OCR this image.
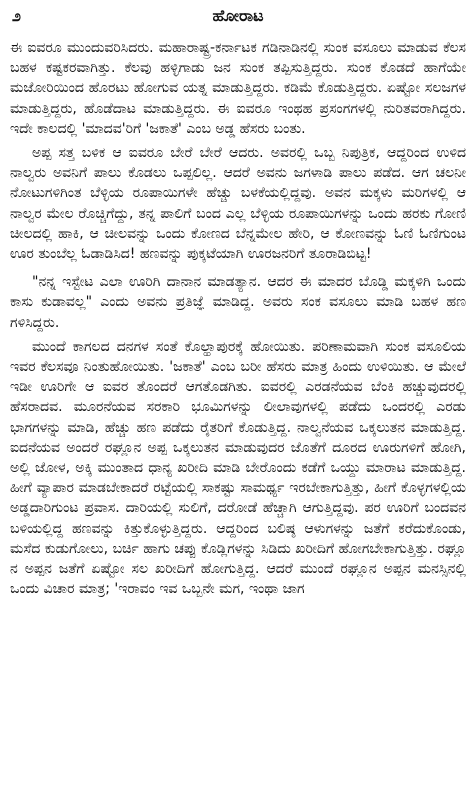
೨	ಹೋರಾಟ

ಈ ಐವರೂ ಮುಂದುವರಿಸಿದರು. ಮಹಾರಾಷ್ಟ್ರ-ಕರ್ನಾಟಕ ಗಡಿನಾಡಿನಲ್ಲಿ ಸುಂಕ ವಸೂಲು ಮಾಡುವ ಕೆಲಸ ಬಹಳ ಕಷ್ಟಕರವಾಗಿತ್ತು. ಕೆಲವು ಹಳ್ಳಿಗಾಡು ಜನ ಸುಂಕ ತಪ್ಪಿಸುತ್ತಿದ್ದರು. ಸುಂಕ ಕೊಡದೆ ಹಾಗೆಯೇ ಮಜೋರಿಯಿಂದ ಹೊರಟು ಹೋಗುವ ಯತ್ನ ಮಾಡುತ್ತಿದ್ದರು. ಕಡಿಮೆ ಕೊಡುತ್ತಿದ್ದರು. ಏಷ್ಟೋ ಸಲಜಗಳ ಮಾಡುತ್ತಿದ್ದರು, ಹೊಡೆದಾಟ ಮಾಡುತ್ತಿದ್ದರು. ಈ ಐವರೂ ಇಂಥಹ ಪ್ರಸಂಗಗಳಲ್ಲಿ ನುರಿತವರಾಗಿದ್ದರು. ಇದೇ ಕಾಲದಲ್ಲಿ 'ಮಾದವ'ರಿಗೆ 'ಜಕಾತೆ' ಎಂಬ ಅಡ್ಡ ಹೆಸರು ಬಂತು.

ಅಪ್ಪ ಸತ್ತ ಬಳಿಕ ಆ ಐವರೂ ಬೇರೆ ಬೇರೆ ಆದರು. ಅವರಲ್ಲಿ ಒಬ್ಬ ನಿಪುತ್ರಿಕ, ಆದ್ದರಿಂದ ಉಳಿದ ನಾಲ್ವರು ಅವನಿಗೆ ಪಾಲು ಕೊಡಲು ಒಪ್ಪಲಿಲ್ಲ. ಆದರೆ ಅವನು ಜಗಳಾಡಿ ಪಾಲು ಪಡೆದ. ಆಗ ಚಲನೀ ನೋಟುಗಳಿಗಿಂತ ಬೆಳ್ಳಿಯ ರೂಪಾಯಿಗಳೇ ಹೆಚ್ಚು ಬಳಕೆಯಲ್ಲಿದ್ದವು. ಅವನ ಮಕ್ಕಳು ಮರಿಗಳಲ್ಲಿ ಆ ನಾಲ್ವರ ಮೇಲ ರೊಚ್ಚಿಗೆದ್ದು, ತನ್ನ ಪಾಲಿಗೆ ಬಂದ ಎಲ್ಲ ಬೆಳ್ಳಿಯ ರೂಪಾಯಿಗಳನ್ನು ಒಂದು ಹರಕು ಗೋಣಿ ಚೀಲದಲ್ಲಿ ಹಾಕಿ, ಆ ಚೀಲವನ್ನು ಒಂದು ಕೋಣದ ಬೆನ್ನಮೇಲ ಹೇರಿ, ಆ ಕೋಣವನ್ನು ಓಣಿ ಓಣಿಗುಂಟ ಊರ ತುಂಬೆಲ್ಲ ಓಡಾಡಿಸಿದ! ಹಣವನ್ನು ಪುಕ್ಕಟೆಯಾಗಿ ಊರಜನರಿಗೆ ತೂರಾಡಿಬಿಟ್ಟ!

"ನನ್ನ ಇಸ್ಟೇಟ ಎಲಾ ಊರಿಗಿ ದಾನಾನ ಮಾಡತ್ಯಾನ. ಆದರ ಈ ಮಾದರ ಬೊಡ್ಡಿ ಮಕ್ಕಳಿಗಿ ಒಂದು ಕಾಸು ಕುಡಾವಲ್ಲ" ಎಂದು ಅವನು ಪ್ರತಿಜ್ಞೆ ಮಾಡಿದ್ದ. ಅವರು ಸಂಕ ವಸೂಲು ಮಾಡಿ ಬಹಳ ಹಣ ಗಳಿಸಿದ್ದರು.

ಮುಂದೆ ಕಾಗಲದ ದನಗಳ ಸಂತೆ ಕೊಲ್ಹಾಪುರಕ್ಕೆ ಹೋಯಿತು. ಪರಿಣಾಮವಾಗಿ ಸುಂಕ ವಸೂಲಿಯ ಇವರ ಕೆಲಸವೂ ನಿಂತುಹೋಯಿತು. 'ಜಕಾತೆ' ಎಂಬ ಬರೀ ಹೆಸರು ಮಾತ್ರ ಹಿಂದು ಉಳಿಯಿತು. ಆ ಮೇಲೆ ಇಡೀ ಊರಿಗೇ ಆ ಐವರ ತೊಂದರೆ ಆಗತೊಡಗಿತು. ಐವರಲ್ಲಿ ಎರಡನೆಯವ ಬೆಂಕಿ ಹಚ್ಚುವುದರಲ್ಲಿ ಹೆಸರಾದವ. ಮೂರನೆಯವ ಸರಕಾರಿ ಭೂಮಿಗಳನ್ನು ಲೀಲಾವುಗಳಲ್ಲಿ ಪಡೆದು ಒಂದರಲ್ಲಿ ಎರಡು ಭಾಗಗಳನ್ನು ಮಾಡಿ, ಹೆಚ್ಚು ಹಣ ಪಡೆದು ರೈತರಿಗೆ ಕೊಡುತ್ತಿದ್ದ. ನಾಲ್ವನೆಯವ ಒಕ್ಕಲುತನ ಮಾಡುತ್ತಿದ್ದ. ಐದನೆಯವ ಅಂದರೆ ರಘ್ಲೂನ ಅಪ್ಪ ಒಕ್ಕಲುತನ ಮಾಡುವುದರ ಜೊತೆಗೆ ದೂರದ ಊರುಗಳಿಗೆ ಹೋಗಿ, ಅಲ್ಲಿ ಜೋಳ, ಅಕ್ಕಿ ಮುಂತಾದ ಧಾನ್ಯ ಖರೀದಿ ಮಾಡಿ ಬೇರೊಂದು ಕಡೆಗೆ ಒಯ್ದು ಮಾರಾಟ ಮಾಡುತ್ತಿದ್ದ. ಹೀಗೆ ವ್ಯಾಪಾರ ಮಾಡಬೇಕಾದರೆ ರಟ್ಟೆಯಲ್ಲಿ ಸಾಕಷ್ಟು ಸಾಮರ್ಥ್ಯ ಇರಬೇಕಾಗುತ್ತಿತ್ತು, ಹೀಗೆ ಕೊಳ್ಳಗಳಲ್ಲಿಯ ಅಡ್ಡದಾರಿಗುಂಟ ಪ್ರವಾಸ. ದಾರಿಯಲ್ಲಿ ಸುಲಿಗೆ, ದರೋಡೆ ಹೆಚ್ಚಾಗಿ ಆಗುತ್ತಿದ್ದವು. ಪರ ಊರಿಗೆ ಬಂದವನ ಬಳಿಯಲ್ಲಿದ್ದ ಹಣವನ್ನು ಕಿತ್ತುಕೊಳ್ಳುತ್ತಿದ್ದರು. ಆದ್ದರಿಂದ ಬಲಿಷ್ಠ ಆಳುಗಳನ್ನು ಜತೆಗೆ ಕರೆದುಕೊಂಡು, ಮಸೆದ ಕುಡುಗೋಲು, ಬರ್ಚಿ ಹಾಗು ಚಪ್ಪು ಕೊಡ್ಲಿಗಳನ್ನು ಸಿಡಿದು ಖರೀದಿಗೆ ಹೋಗಬೇಕಾಗುತ್ತಿತ್ತು. ರಘ್ಲೂ ನ ಅಪ್ಪನ ಜತೆಗೆ ಏಷ್ಟೋ ಸಲ ಖರೀದಿಗೆ ಹೋಗುತ್ತಿದ್ದ. ಆದರೆ ಮುಂದೆ ರಘ್ಲೂನ ಅಪ್ಪನ ಮನಸ್ಸಿನಲ್ಲಿ ಒಂದು ವಿಚಾರ ಮಾತ್ರ; 'ಇರಾವಂ ಇವ ಒಬ್ಬನೇ ಮಗ, ಇಂಥಾ ಜಾಗ
